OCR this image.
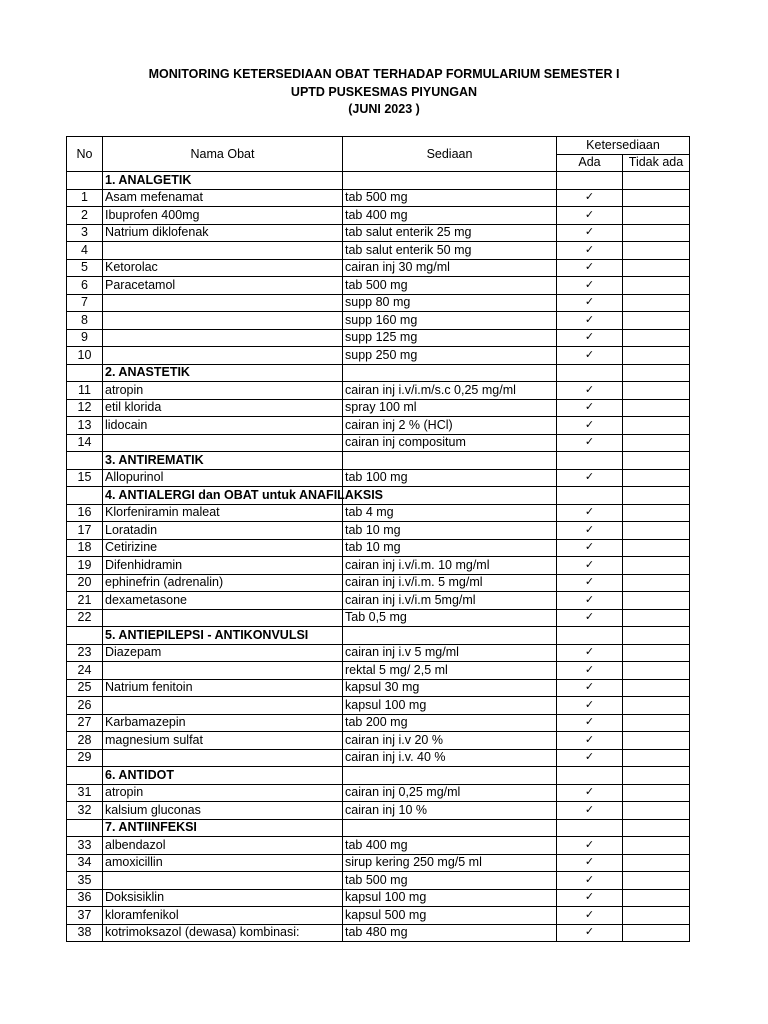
MONITORING KETERSEDIAAN OBAT TERHADAP FORMULARIUM SEMESTER I
UPTD PUSKESMAS PIYUNGAN
(JUNI 2023 )
No	Nama Obat	Sediaan	Ketersediaan	
			Ada	Tidak ada
	1. ANALGETIK			
1	Asam mefenamat	tab 500 mg	✓	
2	Ibuprofen 400mg	tab 400 mg	✓	
3	Natrium diklofenak	tab salut enterik 25 mg	✓	
4		tab salut enterik 50 mg	✓	
5	Ketorolac	cairan inj 30 mg/ml	✓	
6	Paracetamol	tab 500 mg	✓	
7		supp 80 mg	✓	
8		supp 160 mg	✓	
9		supp 125 mg	✓	
10		supp 250 mg	✓	
	2. ANASTETIK			
11	atropin	cairan inj i.v/i.m/s.c 0,25 mg/ml	✓	
12	etil klorida	spray 100 ml	✓	
13	lidocain	cairan inj 2 % (HCl)	✓	
14		cairan inj compositum	✓	
	3. ANTIREMATIK			
15	Allopurinol	tab 100 mg	✓	
	4. ANTIALERGI dan OBAT untuk ANAFILAKSIS			
16	Klorfeniramin maleat	tab 4 mg	✓	
17	Loratadin	tab 10 mg	✓	
18	Cetirizine	tab 10 mg	✓	
19	Difenhidramin	cairan inj i.v/i.m. 10 mg/ml	✓	
20	ephinefrin (adrenalin)	cairan inj i.v/i.m. 5 mg/ml	✓	
21	dexametasone	cairan inj i.v/i.m 5mg/ml	✓	
22		Tab 0,5 mg	✓	
	5. ANTIEPILEPSI - ANTIKONVULSI			
23	Diazepam	cairan inj i.v 5 mg/ml	✓	
24		rektal 5 mg/ 2,5 ml	✓	
25	Natrium fenitoin	kapsul 30 mg	✓	
26		kapsul 100 mg	✓	
27	Karbamazepin	tab 200 mg	✓	
28	magnesium sulfat	cairan inj i.v 20 %	✓	
29		cairan inj i.v. 40 %	✓	
	6. ANTIDOT			
31	atropin	cairan inj 0,25 mg/ml	✓	
32	kalsium gluconas	cairan inj 10 %	✓	
	7. ANTIINFEKSI			
33	albendazol	tab 400 mg	✓	
34	amoxicillin	sirup kering 250 mg/5 ml	✓	
35		tab 500 mg	✓	
36	Doksisiklin	kapsul 100 mg	✓	
37	kloramfenikol	kapsul 500 mg	✓	
38	kotrimoksazol (dewasa) kombinasi:	tab 480 mg	✓	
